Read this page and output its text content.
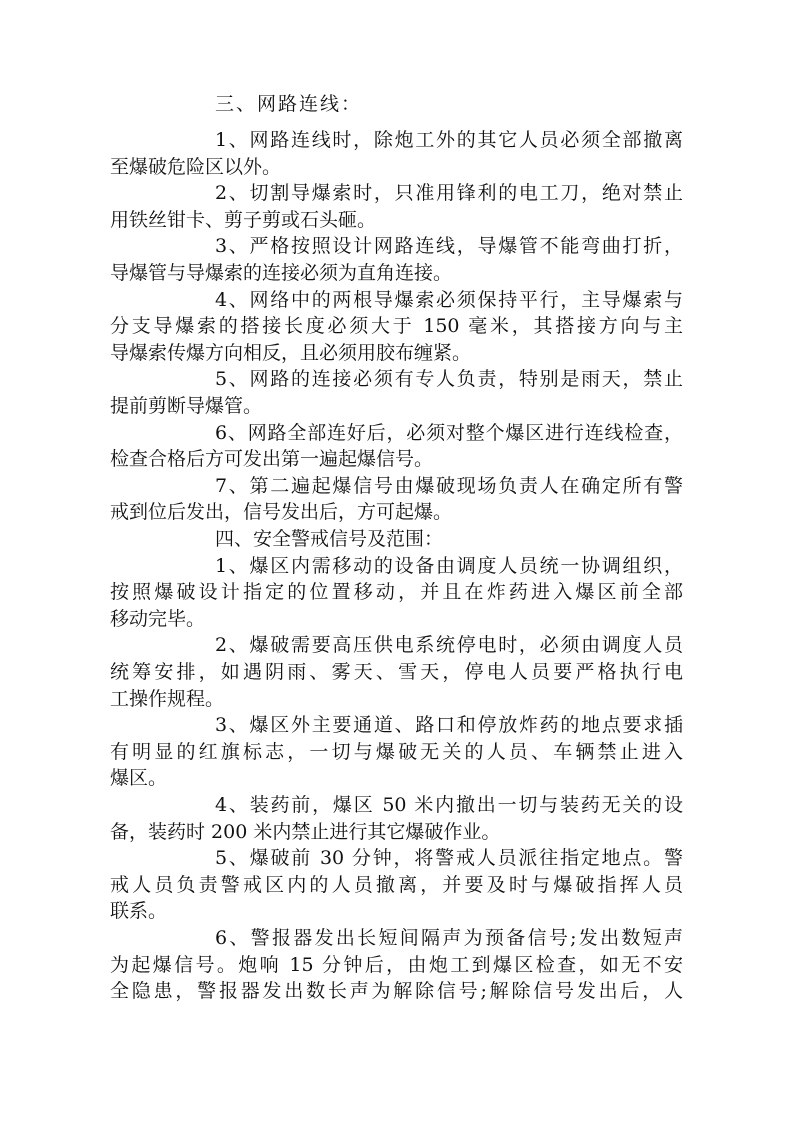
三、网路连线：
1、网路连线时，除炮工外的其它人员必须全部撤离
至爆破危险区以外。
2、切割导爆索时，只准用锋利的电工刀，绝对禁止
用铁丝钳卡、剪子剪或石头砸。
3、严格按照设计网路连线，导爆管不能弯曲打折，
导爆管与导爆索的连接必须为直角连接。
4、网络中的两根导爆索必须保持平行，主导爆索与
分支导爆索的搭接长度必须大于 150 毫米，其搭接方向与主
导爆索传爆方向相反，且必须用胶布缠紧。
5、网路的连接必须有专人负责，特别是雨天，禁止
提前剪断导爆管。
6、网路全部连好后，必须对整个爆区进行连线检查，
检查合格后方可发出第一遍起爆信号。
7、第二遍起爆信号由爆破现场负责人在确定所有警
戒到位后发出，信号发出后，方可起爆。
四、安全警戒信号及范围：
1、爆区内需移动的设备由调度人员统一协调组织，
按照爆破设计指定的位置移动，并且在炸药进入爆区前全部
移动完毕。
2、爆破需要高压供电系统停电时，必须由调度人员
统筹安排，如遇阴雨、雾天、雪天，停电人员要严格执行电
工操作规程。
3、爆区外主要通道、路口和停放炸药的地点要求插
有明显的红旗标志，一切与爆破无关的人员、车辆禁止进入
爆区。
4、装药前，爆区 50 米内撤出一切与装药无关的设
备，装药时 200 米内禁止进行其它爆破作业。
5、爆破前 30 分钟，将警戒人员派往指定地点。警
戒人员负责警戒区内的人员撤离，并要及时与爆破指挥人员
联系。
6、警报器发出长短间隔声为预备信号;发出数短声
为起爆信号。炮响 15 分钟后，由炮工到爆区检查，如无不安
全隐患，警报器发出数长声为解除信号;解除信号发出后，人
